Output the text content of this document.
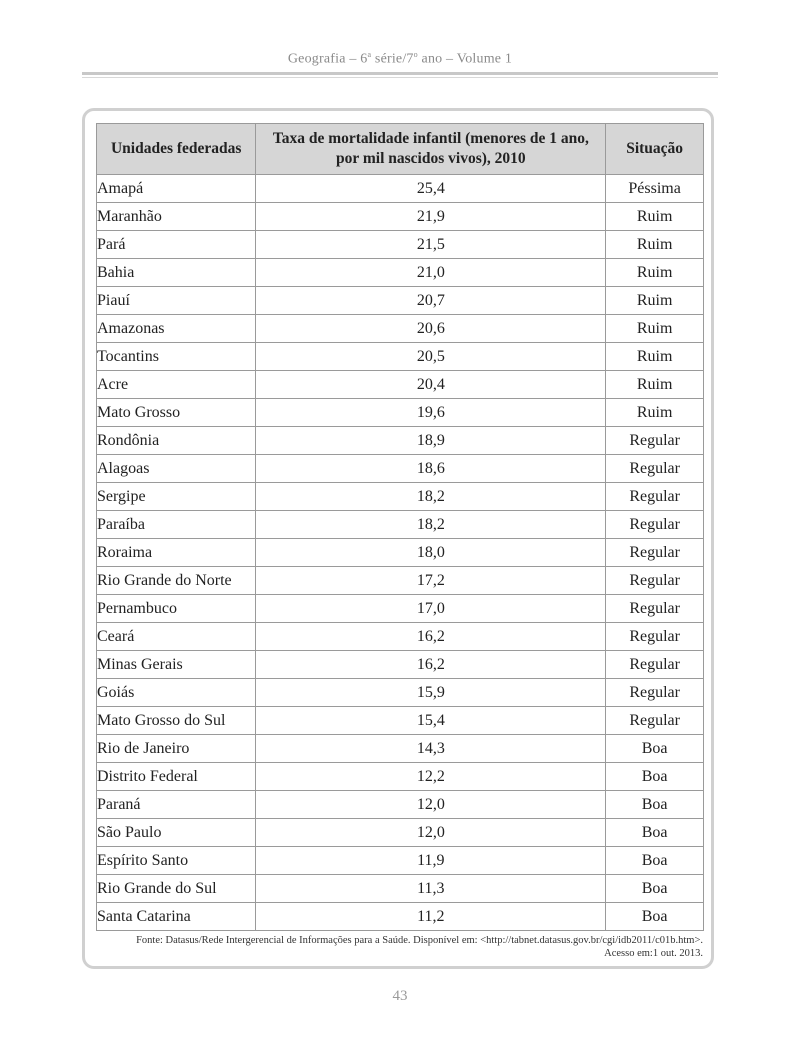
Geografia – 6$^a$ série/7$^o$ ano – Volume 1
Unidades federadas	Taxa de mortalidade infantil (menores de 1 ano, por mil nascidos vivos), 2010	Situação
Amapá	25,4	Péssima
Maranhão	21,9	Ruim
Pará	21,5	Ruim
Bahia	21,0	Ruim
Piauí	20,7	Ruim
Amazonas	20,6	Ruim
Tocantins	20,5	Ruim
Acre	20,4	Ruim
Mato Grosso	19,6	Ruim
Rondônia	18,9	Regular
Alagoas	18,6	Regular
Sergipe	18,2	Regular
Paraíba	18,2	Regular
Roraima	18,0	Regular
Rio Grande do Norte	17,2	Regular
Pernambuco	17,0	Regular
Ceará	16,2	Regular
Minas Gerais	16,2	Regular
Goiás	15,9	Regular
Mato Grosso do Sul	15,4	Regular
Rio de Janeiro	14,3	Boa
Distrito Federal	12,2	Boa
Paraná	12,0	Boa
São Paulo	12,0	Boa
Espírito Santo	11,9	Boa
Rio Grande do Sul	11,3	Boa
Santa Catarina	11,2	Boa
Fonte: Datasus/Rede Intergerencial de Informações para a Saúde. Disponível em: <http://tabnet.datasus.gov.br/cgi/idb2011/c01b.htm>.
Acesso em:1 out. 2013.
43
